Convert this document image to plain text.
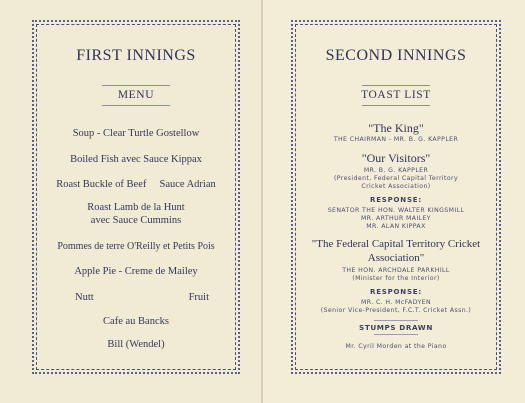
FIRST INNINGS
MENU
Soup - Clear Turtle Gostellow
Boiled Fish avec Sauce Kippax
Roast Buckle of Beef     Sauce Adrian
Roast Lamb de la Hunt
avec Sauce Cummins
Pommes de terre O'Reilly et Petits Pois
Apple Pie - Creme de Mailey
Nutt	Fruit
Cafe au Bancks
Bill (Wendel)
SECOND INNINGS
TOAST LIST
"The King"
THE CHAIRMAN - MR. B. G. KAPPLER
"Our Visitors"
MR. B. G. KAPPLER
(President, Federal Capital Territory
Cricket Association)
RESPONSE:
SENATOR THE HON. WALTER KINGSMILL
MR. ARTHUR MAILEY
MR. ALAN KIPPAX
"The Federal Capital Territory Cricket
Association"
THE HON. ARCHDALE PARKHILL
(Minister for the Interior)
RESPONSE:
MR. C. H. McFADYEN
(Senior Vice-President, F.C.T. Cricket Assn.)
STUMPS DRAWN
Mr. Cyril Morden at the Piano
